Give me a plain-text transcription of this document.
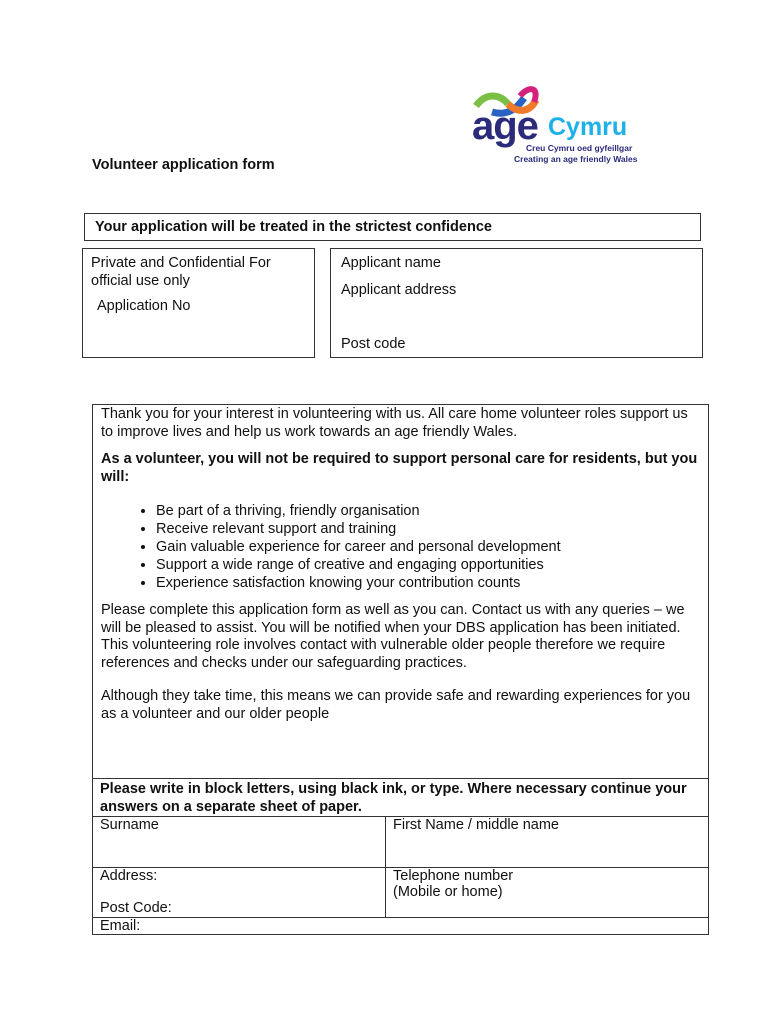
age Cymru
Creu Cymru oed gyfeillgar
Creating an age friendly Wales
Volunteer application form
Your application will be treated in the strictest confidence

Private and Confidential For official use only

Application No

Applicant name

Applicant address

Post code

Thank you for your interest in volunteering with us. All care home volunteer roles support us to improve lives and help us work towards an age friendly Wales.

As a volunteer, you will not be required to support personal care for residents, but you will:

• Be part of a thriving, friendly organisation
• Receive relevant support and training
• Gain valuable experience for career and personal development
• Support a wide range of creative and engaging opportunities
• Experience satisfaction knowing your contribution counts

Please complete this application form as well as you can. Contact us with any queries – we will be pleased to assist. You will be notified when your DBS application has been initiated.

This volunteering role involves contact with vulnerable older people therefore we require references and checks under our safeguarding practices.

Although they take time, this means we can provide safe and rewarding experiences for you as a volunteer and our older people

Please write in block letters, using black ink, or type. Where necessary continue your answers on a separate sheet of paper.
Surname	First Name / middle name

Address:

Post Code:

Telephone number

(Mobile or home)

Email:
